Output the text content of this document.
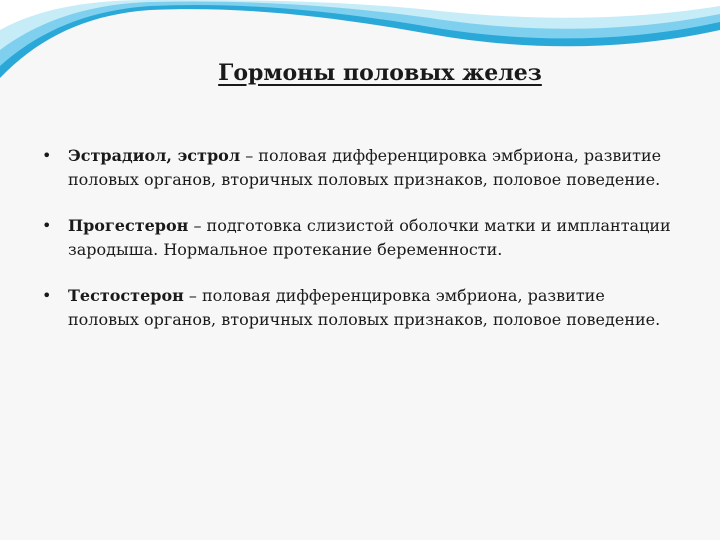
Гормоны половых желез
• Эстрадиол, эстрол – половая дифференцировка эмбриона, развитие половых органов, вторичных половых признаков, половое поведение.
• Прогестерон – подготовка слизистой оболочки матки и имплантации зародыша. Нормальное протекание беременности.
• Тестостерон – половая дифференцировка эмбриона, развитие половых органов, вторичных половых признаков, половое поведение.
